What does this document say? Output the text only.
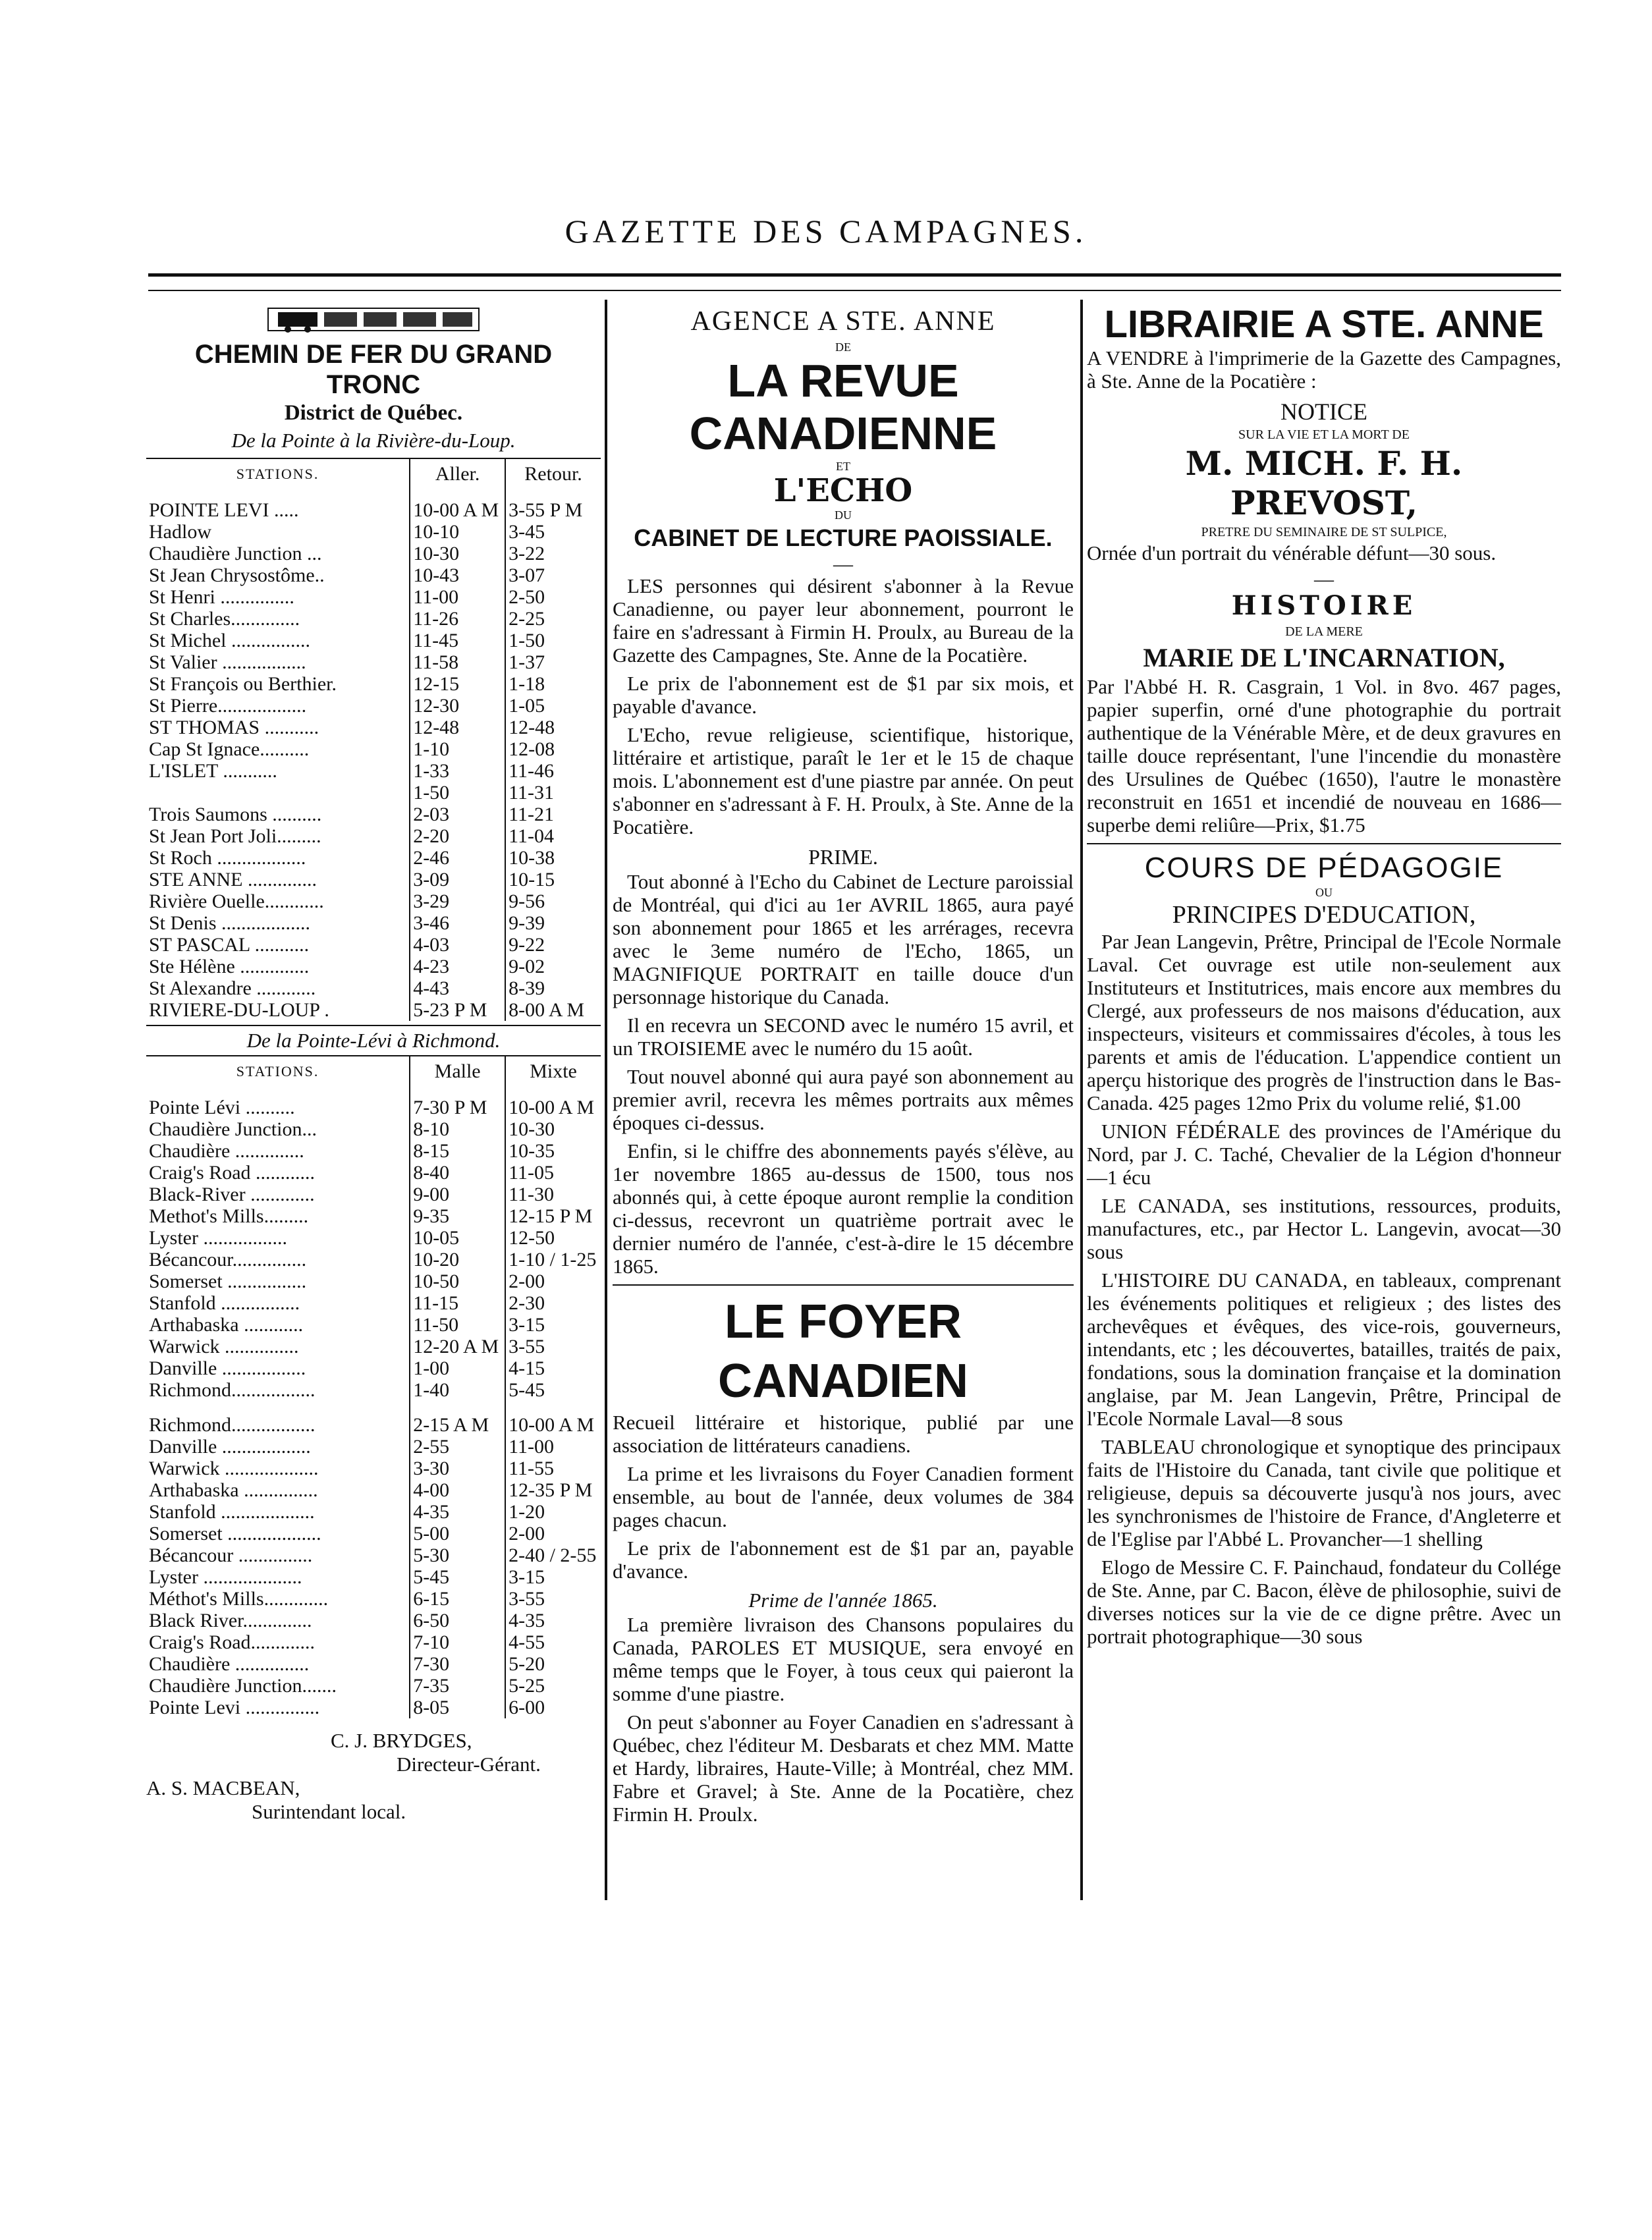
GAZETTE DES CAMPAGNES.
CHEMIN DE FER DU GRAND TRONC
District de Québec.
De la Pointe à la Rivière-du-Loup.
STATIONS.	Aller.	Retour.
POINTE LEVI .....	10-00 A M	3-55 P M
Hadlow	10-10	3-45
Chaudière Junction ...	10-30	3-22
St Jean Chrysostôme..	10-43	3-07
St Henri ...............	11-00	2-50
St Charles..............	11-26	2-25
St Michel ................	11-45	1-50
St Valier .................	11-58	1-37
St François ou Berthier.	12-15	1-18
St Pierre..................	12-30	1-05
ST THOMAS ...........	12-48	12-48
Cap St Ignace..........	1-10	12-08
L'ISLET ...........	1-33	11-46
	1-50	11-31
Trois Saumons ..........	2-03	11-21
St Jean Port Joli.........	2-20	11-04
St Roch ..................	2-46	10-38
STE ANNE ..............	3-09	10-15
Rivière Ouelle............	3-29	9-56
St Denis ..................	3-46	9-39
ST PASCAL ...........	4-03	9-22
Ste Hélène ..............	4-23	9-02
St Alexandre ............	4-43	8-39
RIVIERE-DU-LOUP .	5-23 P M	8-00 A M
De la Pointe-Lévi à Richmond.
STATIONS.	Malle	Mixte
Pointe Lévi ..........	7-30 P M	10-00 A M
Chaudière Junction...	8-10	10-30
Chaudière ..............	8-15	10-35
Craig's Road ............	8-40	11-05
Black-River .............	9-00	11-30
Methot's Mills.........	9-35	12-15 P M
Lyster .................	10-05	12-50
Bécancour...............	10-20	1-10 / 1-25
Somerset ................	10-50	2-00
Stanfold ................	11-15	2-30
Arthabaska ............	11-50	3-15
Warwick ...............	12-20 A M	3-55
Danville .................	1-00	4-15
Richmond.................	1-40	5-45

Richmond.................	2-15 A M	10-00 A M
Danville ..................	2-55	11-00
Warwick ...................	3-30	11-55
Arthabaska ...............	4-00	12-35 P M
Stanfold ...................	4-35	1-20
Somerset ...................	5-00	2-00
Bécancour ...............	5-30	2-40 / 2-55
Lyster ....................	5-45	3-15
Méthot's Mills.............	6-15	3-55
Black River..............	6-50	4-35
Craig's Road.............	7-10	4-55
Chaudière ...............	7-30	5-20
Chaudière Junction.......	7-35	5-25
Pointe Levi ...............	8-05	6-00
C. J. BRYDGES,
Directeur-Gérant.
A. S. MACBEAN,
Surintendant local.
AGENCE A STE. ANNE
DE
LA REVUE CANADIENNE
ET
L'ECHO
DU
CABINET DE LECTURE PAOISSIALE.
—

LES personnes qui désirent s'abonner à la Revue Canadienne, ou payer leur abonnement, pourront le faire en s'adressant à Firmin H. Proulx, au Bureau de la Gazette des Campagnes, Ste. Anne de la Pocatière.

Le prix de l'abonnement est de $1 par six mois, et payable d'avance.

L'Echo, revue religieuse, scientifique, historique, littéraire et artistique, paraît le 1er et le 15 de chaque mois. L'abonnement est d'une piastre par année. On peut s'abonner en s'adressant à F. H. Proulx, à Ste. Anne de la Pocatière.

PRIME.

Tout abonné à l'Echo du Cabinet de Lecture paroissial de Montréal, qui d'ici au 1er AVRIL 1865, aura payé son abonnement pour 1865 et les arrérages, recevra avec le 3eme numéro de l'Echo, 1865, un MAGNIFIQUE PORTRAIT en taille douce d'un personnage historique du Canada.

Il en recevra un SECOND avec le numéro 15 avril, et un TROISIEME avec le numéro du 15 août.

Tout nouvel abonné qui aura payé son abonnement au premier avril, recevra les mêmes portraits aux mêmes époques ci-dessus.

Enfin, si le chiffre des abonnements payés s'élève, au 1er novembre 1865 au-dessus de 1500, tous nos abonnés qui, à cette époque auront remplie la condition ci-dessus, recevront un quatrième portrait avec le dernier numéro de l'année, c'est-à-dire le 15 décembre 1865.

LE FOYER CANADIEN

Recueil littéraire et historique, publié par une association de littérateurs canadiens.

La prime et les livraisons du Foyer Canadien forment ensemble, au bout de l'année, deux volumes de 384 pages chacun.

Le prix de l'abonnement est de $1 par an, payable d'avance.

Prime de l'année 1865.

La première livraison des Chansons populaires du Canada, PAROLES ET MUSIQUE, sera envoyé en même temps que le Foyer, à tous ceux qui paieront la somme d'une piastre.

On peut s'abonner au Foyer Canadien en s'adressant à Québec, chez l'éditeur M. Desbarats et chez MM. Matte et Hardy, libraires, Haute-Ville; à Montréal, chez MM. Fabre et Gravel; à Ste. Anne de la Pocatière, chez Firmin H. Proulx.

LIBRAIRIE A STE. ANNE

A VENDRE à l'imprimerie de la Gazette des Campagnes, à Ste. Anne de la Pocatière :

NOTICE
SUR LA VIE ET LA MORT DE
M. MICH. F. H. PREVOST,
PRETRE DU SEMINAIRE DE ST SULPICE,

Ornée d'un portrait du vénérable défunt—30 sous.

—
HISTOIRE
DE LA MERE
MARIE DE L'INCARNATION,

Par l'Abbé H. R. Casgrain, 1 Vol. in 8vo. 467 pages, papier superfin, orné d'une photographie du portrait authentique de la Vénérable Mère, et de deux gravures en taille douce représentant, l'une l'incendie du monastère des Ursulines de Québec (1650), l'autre le monastère reconstruit en 1651 et incendié de nouveau en 1686—superbe demi reliûre—Prix, $1.75

COURS DE PÉDAGOGIE
OU
PRINCIPES D'EDUCATION,

Par Jean Langevin, Prêtre, Principal de l'Ecole Normale Laval. Cet ouvrage est utile non-seulement aux Instituteurs et Institutrices, mais encore aux membres du Clergé, aux professeurs de nos maisons d'éducation, aux inspecteurs, visiteurs et commissaires d'écoles, à tous les parents et amis de l'éducation. L'appendice contient un aperçu historique des progrès de l'instruction dans le Bas-Canada. 425 pages 12mo Prix du volume relié, $1.00

UNION FÉDÉRALE des provinces de l'Amérique du Nord, par J. C. Taché, Chevalier de la Légion d'honneur—1 écu

LE CANADA, ses institutions, ressources, produits, manufactures, etc., par Hector L. Langevin, avocat—30 sous

L'HISTOIRE DU CANADA, en tableaux, comprenant les événements politiques et religieux ; des listes des archevêques et évêques, des vice-rois, gouverneurs, intendants, etc ; les découvertes, batailles, traités de paix, fondations, sous la domination française et la domination anglaise, par M. Jean Langevin, Prêtre, Principal de l'Ecole Normale Laval—8 sous

TABLEAU chronologique et synoptique des principaux faits de l'Histoire du Canada, tant civile que politique et religieuse, depuis sa découverte jusqu'à nos jours, avec les synchronismes de l'histoire de France, d'Angleterre et de l'Eglise par l'Abbé L. Provancher—1 shelling

Elogo de Messire C. F. Painchaud, fondateur du Collége de Ste. Anne, par C. Bacon, élève de philosophie, suivi de diverses notices sur la vie de ce digne prêtre. Avec un portrait photographique—30 sous
